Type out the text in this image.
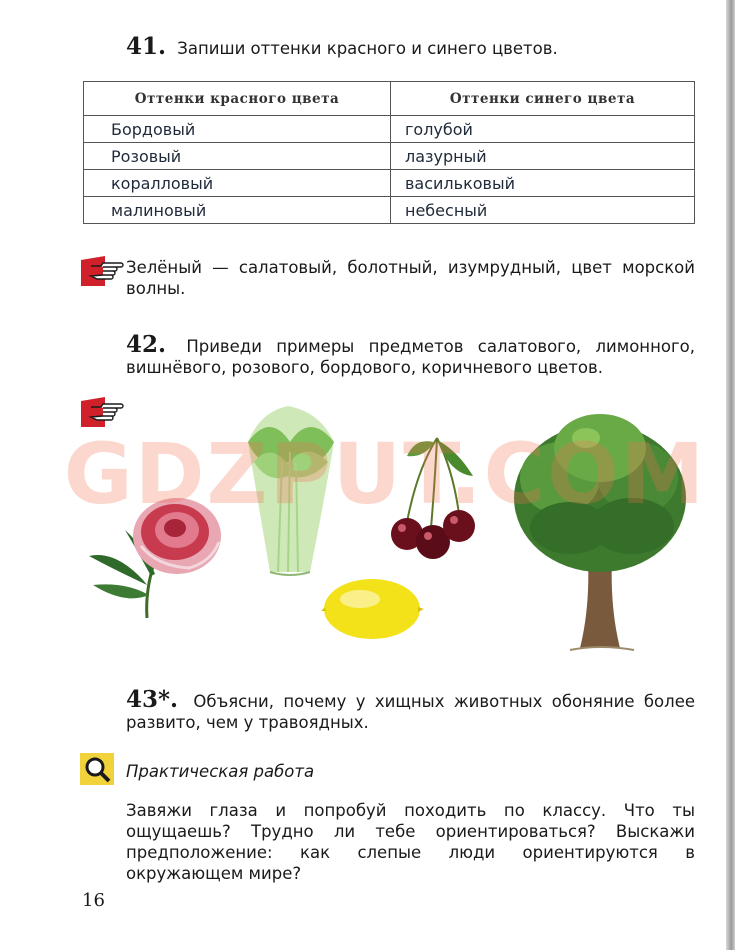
41. Запиши оттенки красного и синего цветов.
Оттенки красного цвета	Оттенки синего цвета
Бордовый	голубой
Розовый	лазурный
коралловый	васильковый
малиновый	небесный
Зелёный — салатовый, болотный, изумрудный, цвет морской волны.
42. Приведи примеры предметов салатового, лимонного, вишнёвого, розового, бордового, коричневого цветов.
GDZPUT.COM
43*. Объясни, почему у хищных животных обоняние более развито, чем у травоядных.
Практическая работа
Завяжи глаза и попробуй походить по классу. Что ты ощущаешь? Трудно ли тебе ориентироваться? Выскажи предположение: как слепые люди ориентируются в окружающем мире?
16
